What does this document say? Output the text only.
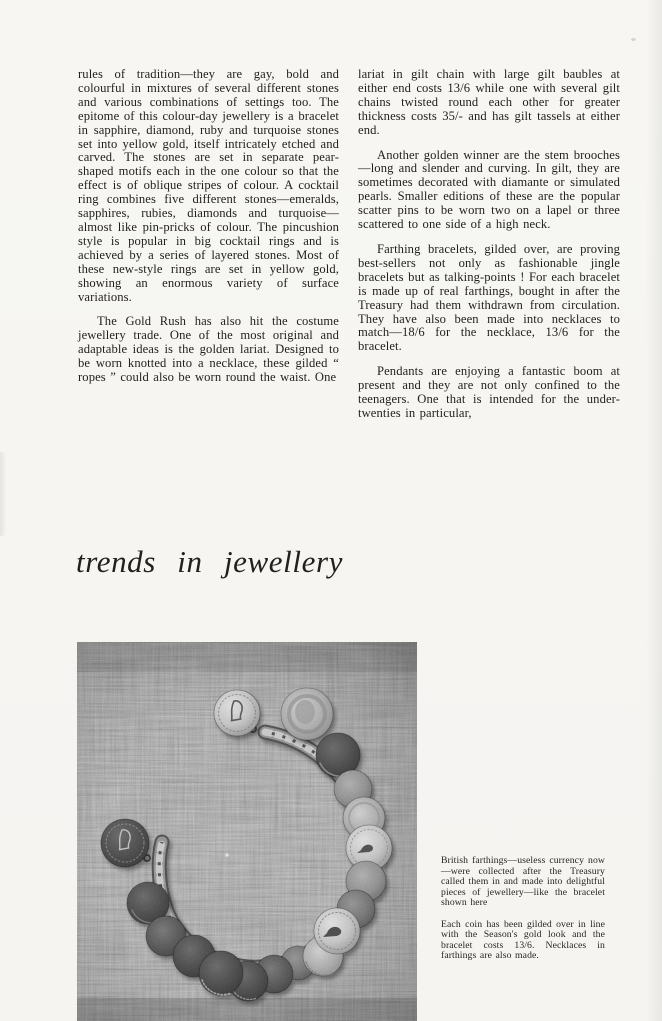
rules of tradition—they are gay, bold and colourful in mixtures of several different stones and various combinations of settings too. The epitome of this colour-day jewellery is a bracelet in sapphire, diamond, ruby and turquoise stones set into yellow gold, itself intricately etched and carved. The stones are set in separate pear-shaped motifs each in the one colour so that the effect is of oblique stripes of colour. A cocktail ring combines five different stones—emeralds, sapphires, rubies, diamonds and turquoise—almost like pin-pricks of colour. The pincushion style is popular in big cocktail rings and is achieved by a series of layered stones. Most of these new-style rings are set in yellow gold, showing an enormous variety of surface variations.

The Gold Rush has also hit the costume jewellery trade. One of the most original and adaptable ideas is the golden lariat. Designed to be worn knotted into a necklace, these gilded “ ropes ” could also be worn round the waist. One

lariat in gilt chain with large gilt baubles at either end costs 13/6 while one with several gilt chains twisted round each other for greater thickness costs 35/- and has gilt tassels at either end.

Another golden winner are the stem brooches—long and slender and curving. In gilt, they are sometimes decorated with diamante or simulated pearls. Smaller editions of these are the popular scatter pins to be worn two on a lapel or three scattered to one side of a high neck.

Farthing bracelets, gilded over, are proving best-sellers not only as fashionable jingle bracelets but as talking-points ! For each bracelet is made up of real farthings, bought in after the Treasury had them withdrawn from circulation. They have also been made into necklaces to match—18/6 for the necklace, 13/6 for the bracelet.

Pendants are enjoying a fantastic boom at present and they are not only confined to the teenagers. One that is intended for the under-twenties in particular,

trends in jewellery

British farthings—useless currency now—were collected after the Treasury called them in and made into delightful pieces of jewellery—like the bracelet shown here

Each coin has been gilded over in line with the Season's gold look and the bracelet costs 13/6. Necklaces in farthings are also made.
